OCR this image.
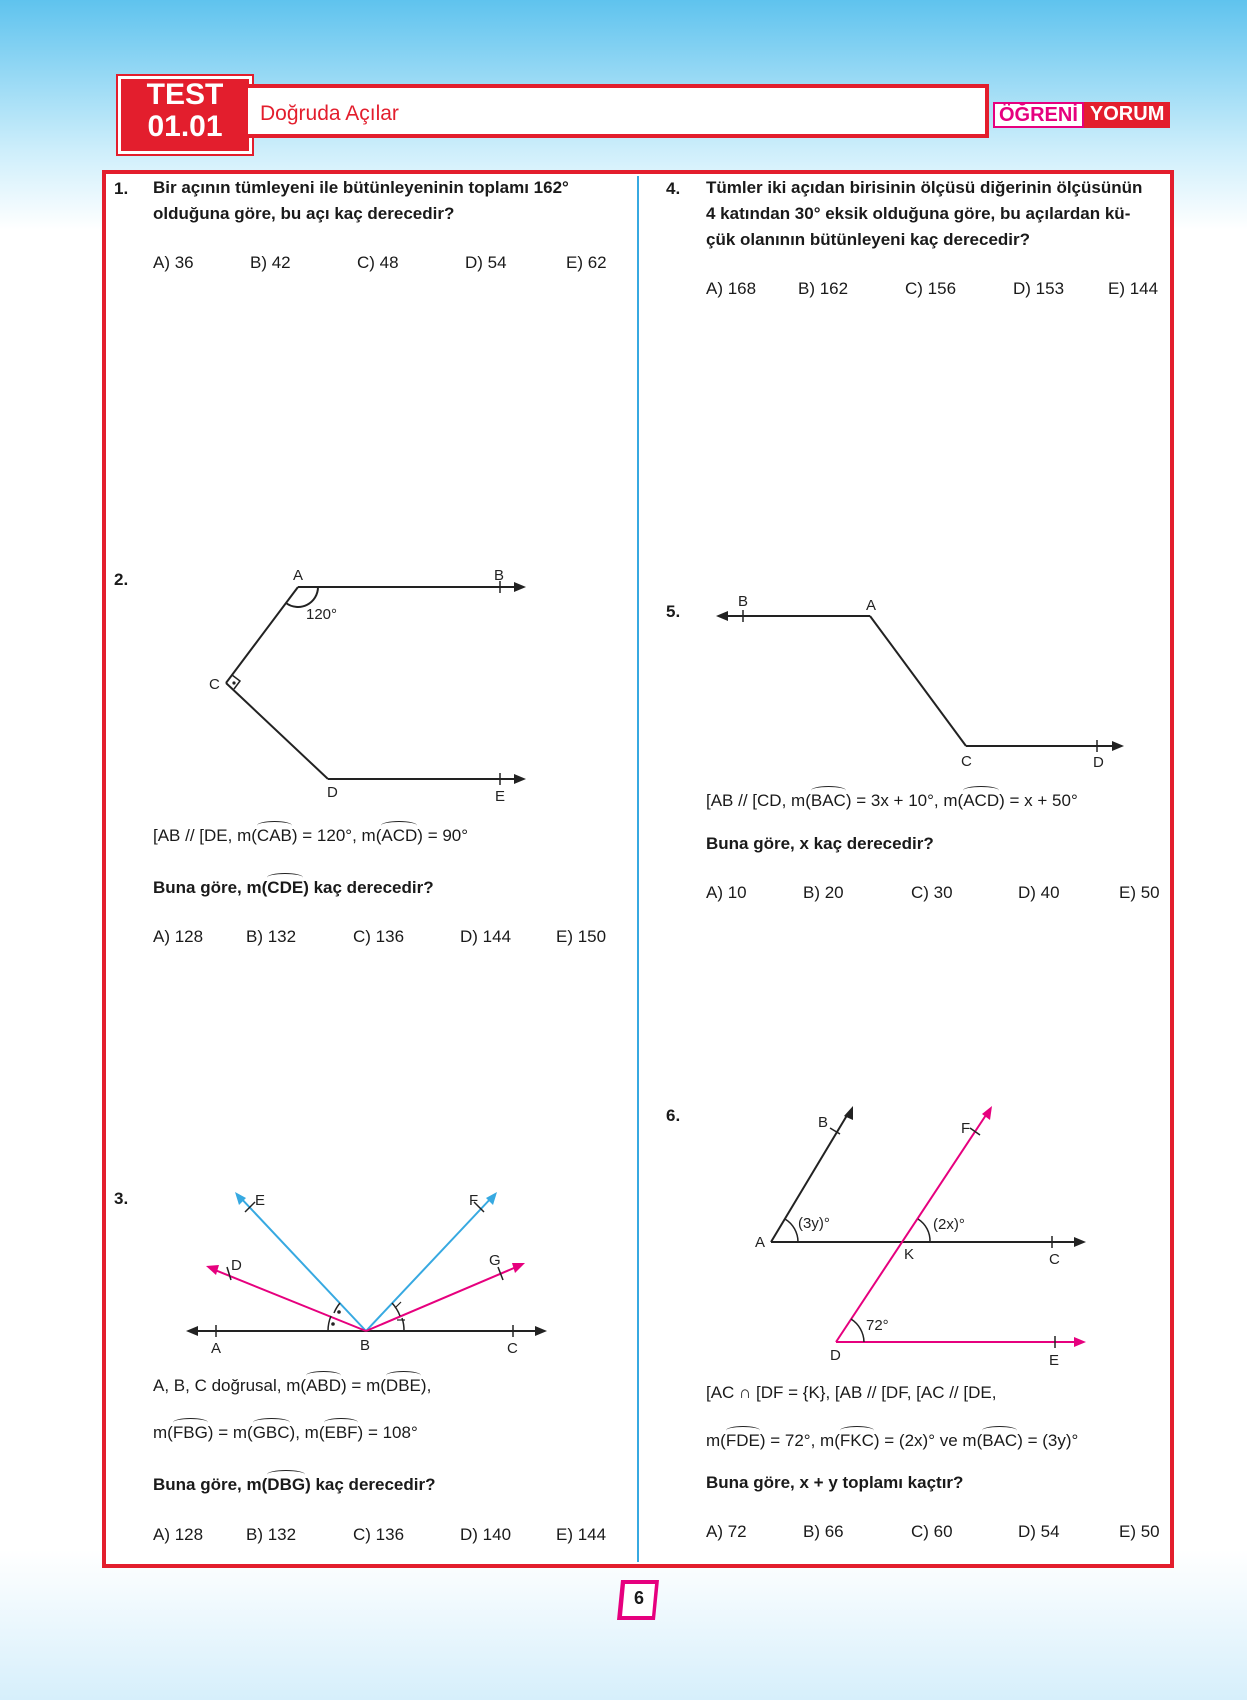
TEST
01.01	Doğruda Açılar	ÖĞRENİ YORUM
1. Bir açının tümleyeni ile bütünleyeninin toplamı 162°
olduğuna göre, bu açı kaç derecedir?
A) 36	B) 42	C) 48	D) 54	E) 62
2.	A	B
C
D	E
120°
[AB // [DE, m(CAB) = 120°, m(ACD) = 90°
Buna göre, m(CDE) kaç derecedir?
A) 128	B) 132	C) 136	D) 144	E) 150
3.
A	B	C
D
E	F
G
A, B, C doğrusal, m(ABD) = m(DBE),
m(FBG) = m(GBC), m(EBF) = 108°
Buna göre, m(DBG) kaç derecedir?
A) 128	B) 132	C) 136	D) 140	E) 144
4. Tümler iki açıdan birisinin ölçüsü diğerinin ölçüsünün
4 katından 30° eksik olduğuna göre, bu açılardan kü-
çük olanının bütünleyeni kaç derecedir?
A) 168 B) 162	C) 156	D) 153	E) 144
5.
B	A
C	D
[AB // [CD, m(BAC) = 3x + 10°, m(ACD) = x + 50°
Buna göre, x kaç derecedir?
A) 10	B) 20	C) 30	D) 40	E) 50
6.
A
B
C
D	E
F
K
(3y)°	(2x)°
72°
[AC ∩ [DF = {K}, [AB // [DF, [AC // [DE,
m(FDE) = 72°, m(FKC) = (2x)° ve m(BAC) = (3y)°
Buna göre, x + y toplamı kaçtır?
A) 72	B) 66	C) 60	D) 54	E) 50
6
